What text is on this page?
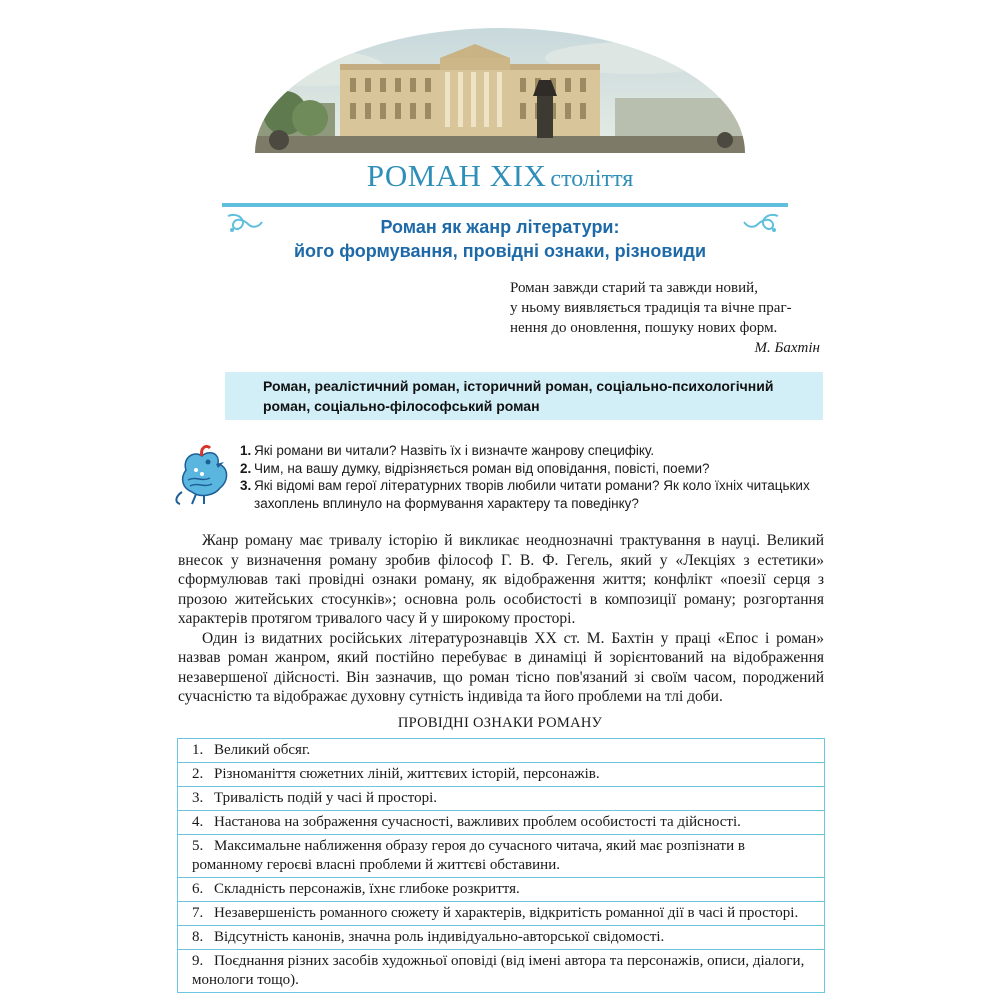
РОМАН XIX століття
Роман як жанр літератури:
його формування, провідні ознаки, різновиди
Роман завжди старий та завжди новий,
у ньому виявляється традиція та вічне праг-
нення до оновлення, пошуку нових форм.
М. Бахтін
Роман, реалістичний роман, історичний роман, соціально-психологічний роман, соціально-філософський роман
1. Які романи ви читали? Назвіть їх і визначте жанрову специфіку.
2. Чим, на вашу думку, відрізняється роман від оповідання, повісті, поеми?
3. Які відомі вам герої літературних творів любили читати романи? Як коло їхніх читацьких захоплень вплинуло на формування характеру та поведінку?

Жанр роману має тривалу історію й викликає неоднозначні трактування в науці. Великий внесок у визначення роману зробив філософ Г. В. Ф. Гегель, який у «Лекціях з естетики» сформулював такі провідні ознаки роману, як відображення життя; конфлікт «поезії серця з прозою житейських стосунків»; основна роль особистості в композиції роману; розгортання характерів протягом тривалого часу й у широкому просторі.

Один із видатних російських літературознавців XX ст. М. Бахтін у праці «Епос і роман» назвав роман жанром, який постійно перебуває в динаміці й зорієнтований на відображення незавершеної дійсності. Він зазначив, що роман тісно пов'язаний зі своїм часом, породжений сучасністю та відображає духовну сутність індивіда та його проблеми на тлі доби.

ПРОВІДНІ ОЗНАКИ РОМАНУ
1. Великий обсяг.
2. Різноманіття сюжетних ліній, життєвих історій, персонажів.
3. Тривалість подій у часі й просторі.
4. Настанова на зображення сучасності, важливих проблем особистості та дійсності.
5. Максимальне наближення образу героя до сучасного читача, який має розпізнати в романному героєві власні проблеми й життєві обставини.
6. Складність персонажів, їхнє глибоке розкриття.
7. Незавершеність романного сюжету й характерів, відкритість романної дії в часі й просторі.
8. Відсутність канонів, значна роль індивідуально-авторської свідомості.
9. Поєднання різних засобів художньої оповіді (від імені автора та персонажів, описи, діалоги, монологи тощо).
